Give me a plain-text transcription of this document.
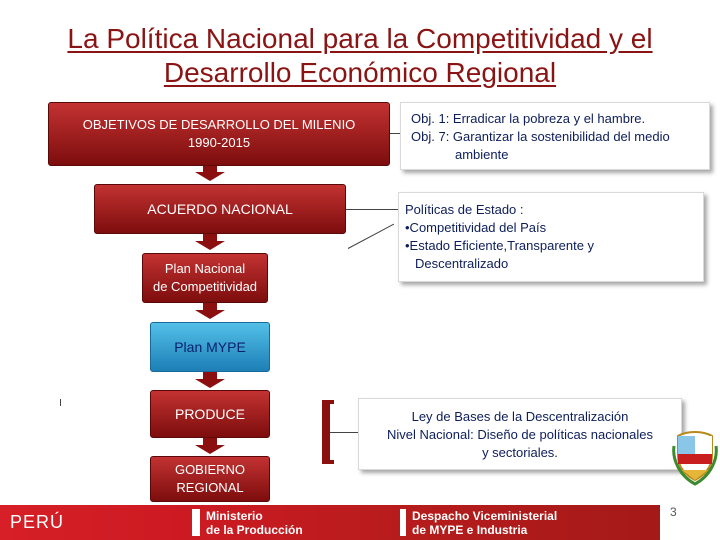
La Política Nacional para la Competitividad y el
Desarrollo Económico Regional
OBJETIVOS DE DESARROLLO DEL MILENIO
1990-2015
ACUERDO NACIONAL
Plan Nacional
de Competitividad
Plan MYPE
PRODUCE
GOBIERNO
REGIONAL
Obj. 1: Erradicar la pobreza y el hambre.
Obj. 7: Garantizar la sostenibilidad del medio
ambiente
Políticas de Estado :
•Competitividad del País
•Estado Eficiente,Transparente y
Descentralizado
Ley de Bases de la Descentralización
Nivel Nacional: Diseño de políticas nacionales
y sectoriales.
PERÚ	Ministerio
de la Producción
Despacho Viceministerial
de MYPE e Industria
3
